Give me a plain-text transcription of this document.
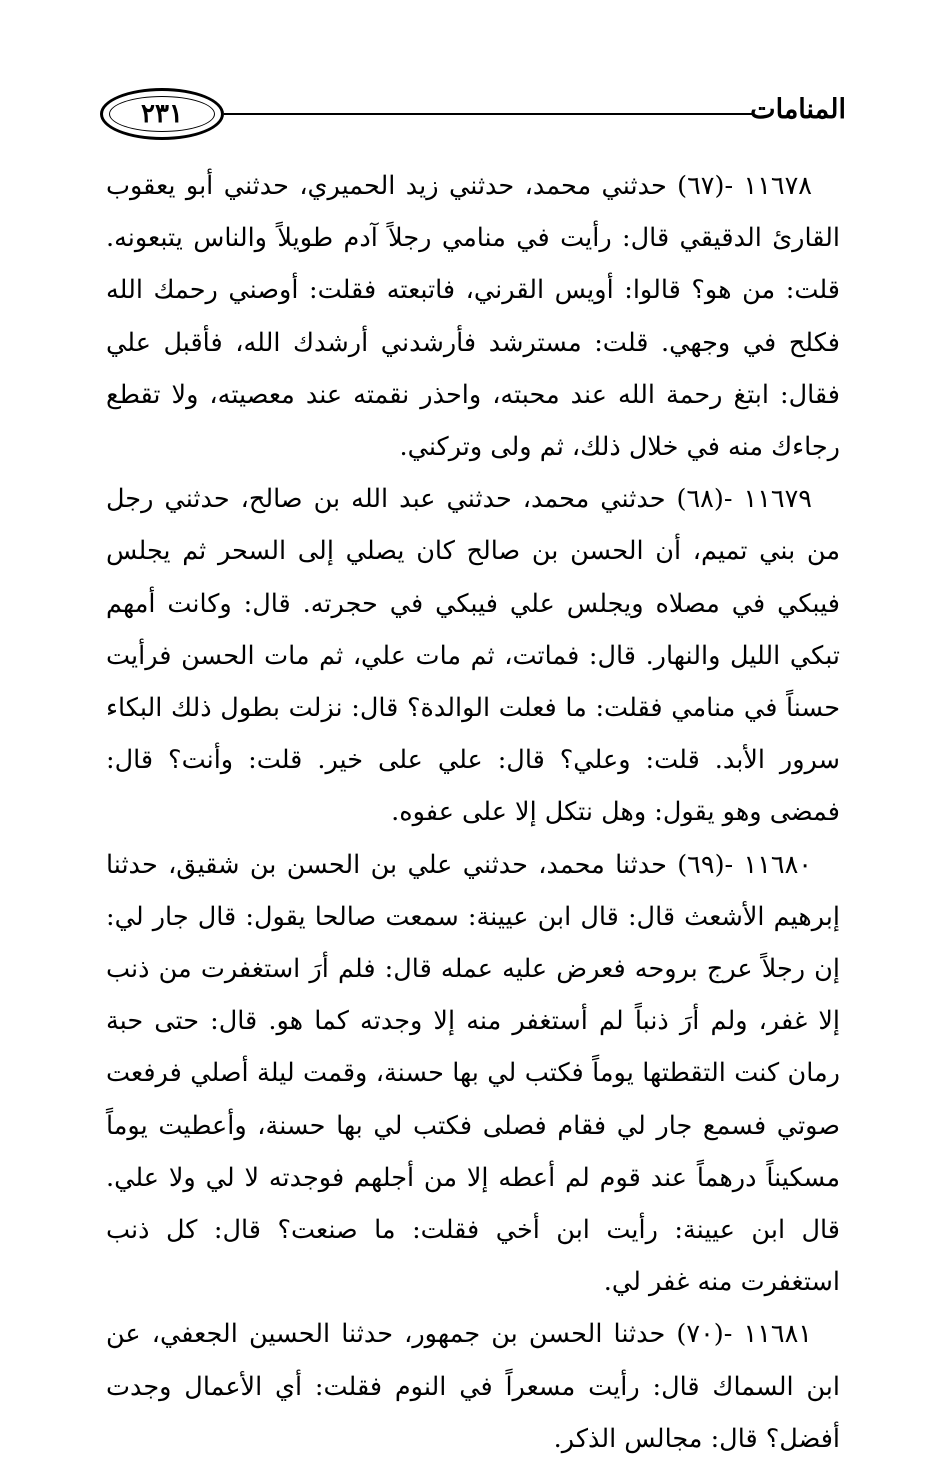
٢٣١	المنامات

١١٦٧٨ -(٦٧) حدثني محمد، حدثني زيد الحميري، حدثني أبو يعقوب القارئ الدقيقي قال: رأيت في منامي رجلاً آدم طويلاً والناس يتبعونه. قلت: من هو؟ قالوا: أويس القرني، فاتبعته فقلت: أوصني رحمك الله فكلح في وجهي. قلت: مسترشد فأرشدني أرشدك الله، فأقبل علي فقال: ابتغ رحمة الله عند محبته، واحذر نقمته عند معصيته، ولا تقطع رجاءك منه في خلال ذلك، ثم ولى وتركني.

١١٦٧٩ -(٦٨) حدثني محمد، حدثني عبد الله بن صالح، حدثني رجل من بني تميم، أن الحسن بن صالح كان يصلي إلى السحر ثم يجلس فيبكي في مصلاه ويجلس علي فيبكي في حجرته. قال: وكانت أمهم تبكي الليل والنهار. قال: فماتت، ثم مات علي، ثم مات الحسن فرأيت حسناً في منامي فقلت: ما فعلت الوالدة؟ قال: نزلت بطول ذلك البكاء سرور الأبد. قلت: وعلي؟ قال: علي على خير. قلت: وأنت؟ قال: فمضى وهو يقول: وهل نتكل إلا على عفوه.

١١٦٨٠ -(٦٩) حدثنا محمد، حدثني علي بن الحسن بن شقيق، حدثنا إبرهيم الأشعث قال: قال ابن عيينة: سمعت صالحا يقول: قال جار لي: إن رجلاً عرج بروحه فعرض عليه عمله قال: فلم أرَ استغفرت من ذنب إلا غفر، ولم أرَ ذنباً لم أستغفر منه إلا وجدته كما هو. قال: حتى حبة رمان كنت التقطتها يوماً فكتب لي بها حسنة، وقمت ليلة أصلي فرفعت صوتي فسمع جار لي فقام فصلى فكتب لي بها حسنة، وأعطيت يوماً مسكيناً درهماً عند قوم لم أعطه إلا من أجلهم فوجدته لا لي ولا علي. قال ابن عيينة: رأيت ابن أخي فقلت: ما صنعت؟ قال: كل ذنب استغفرت منه غفر لي.

١١٦٨١ -(٧٠) حدثنا الحسن بن جمهور، حدثنا الحسين الجعفي، عن ابن السماك قال: رأيت مسعراً في النوم فقلت: أي الأعمال وجدت أفضل؟ قال: مجالس الذكر.
